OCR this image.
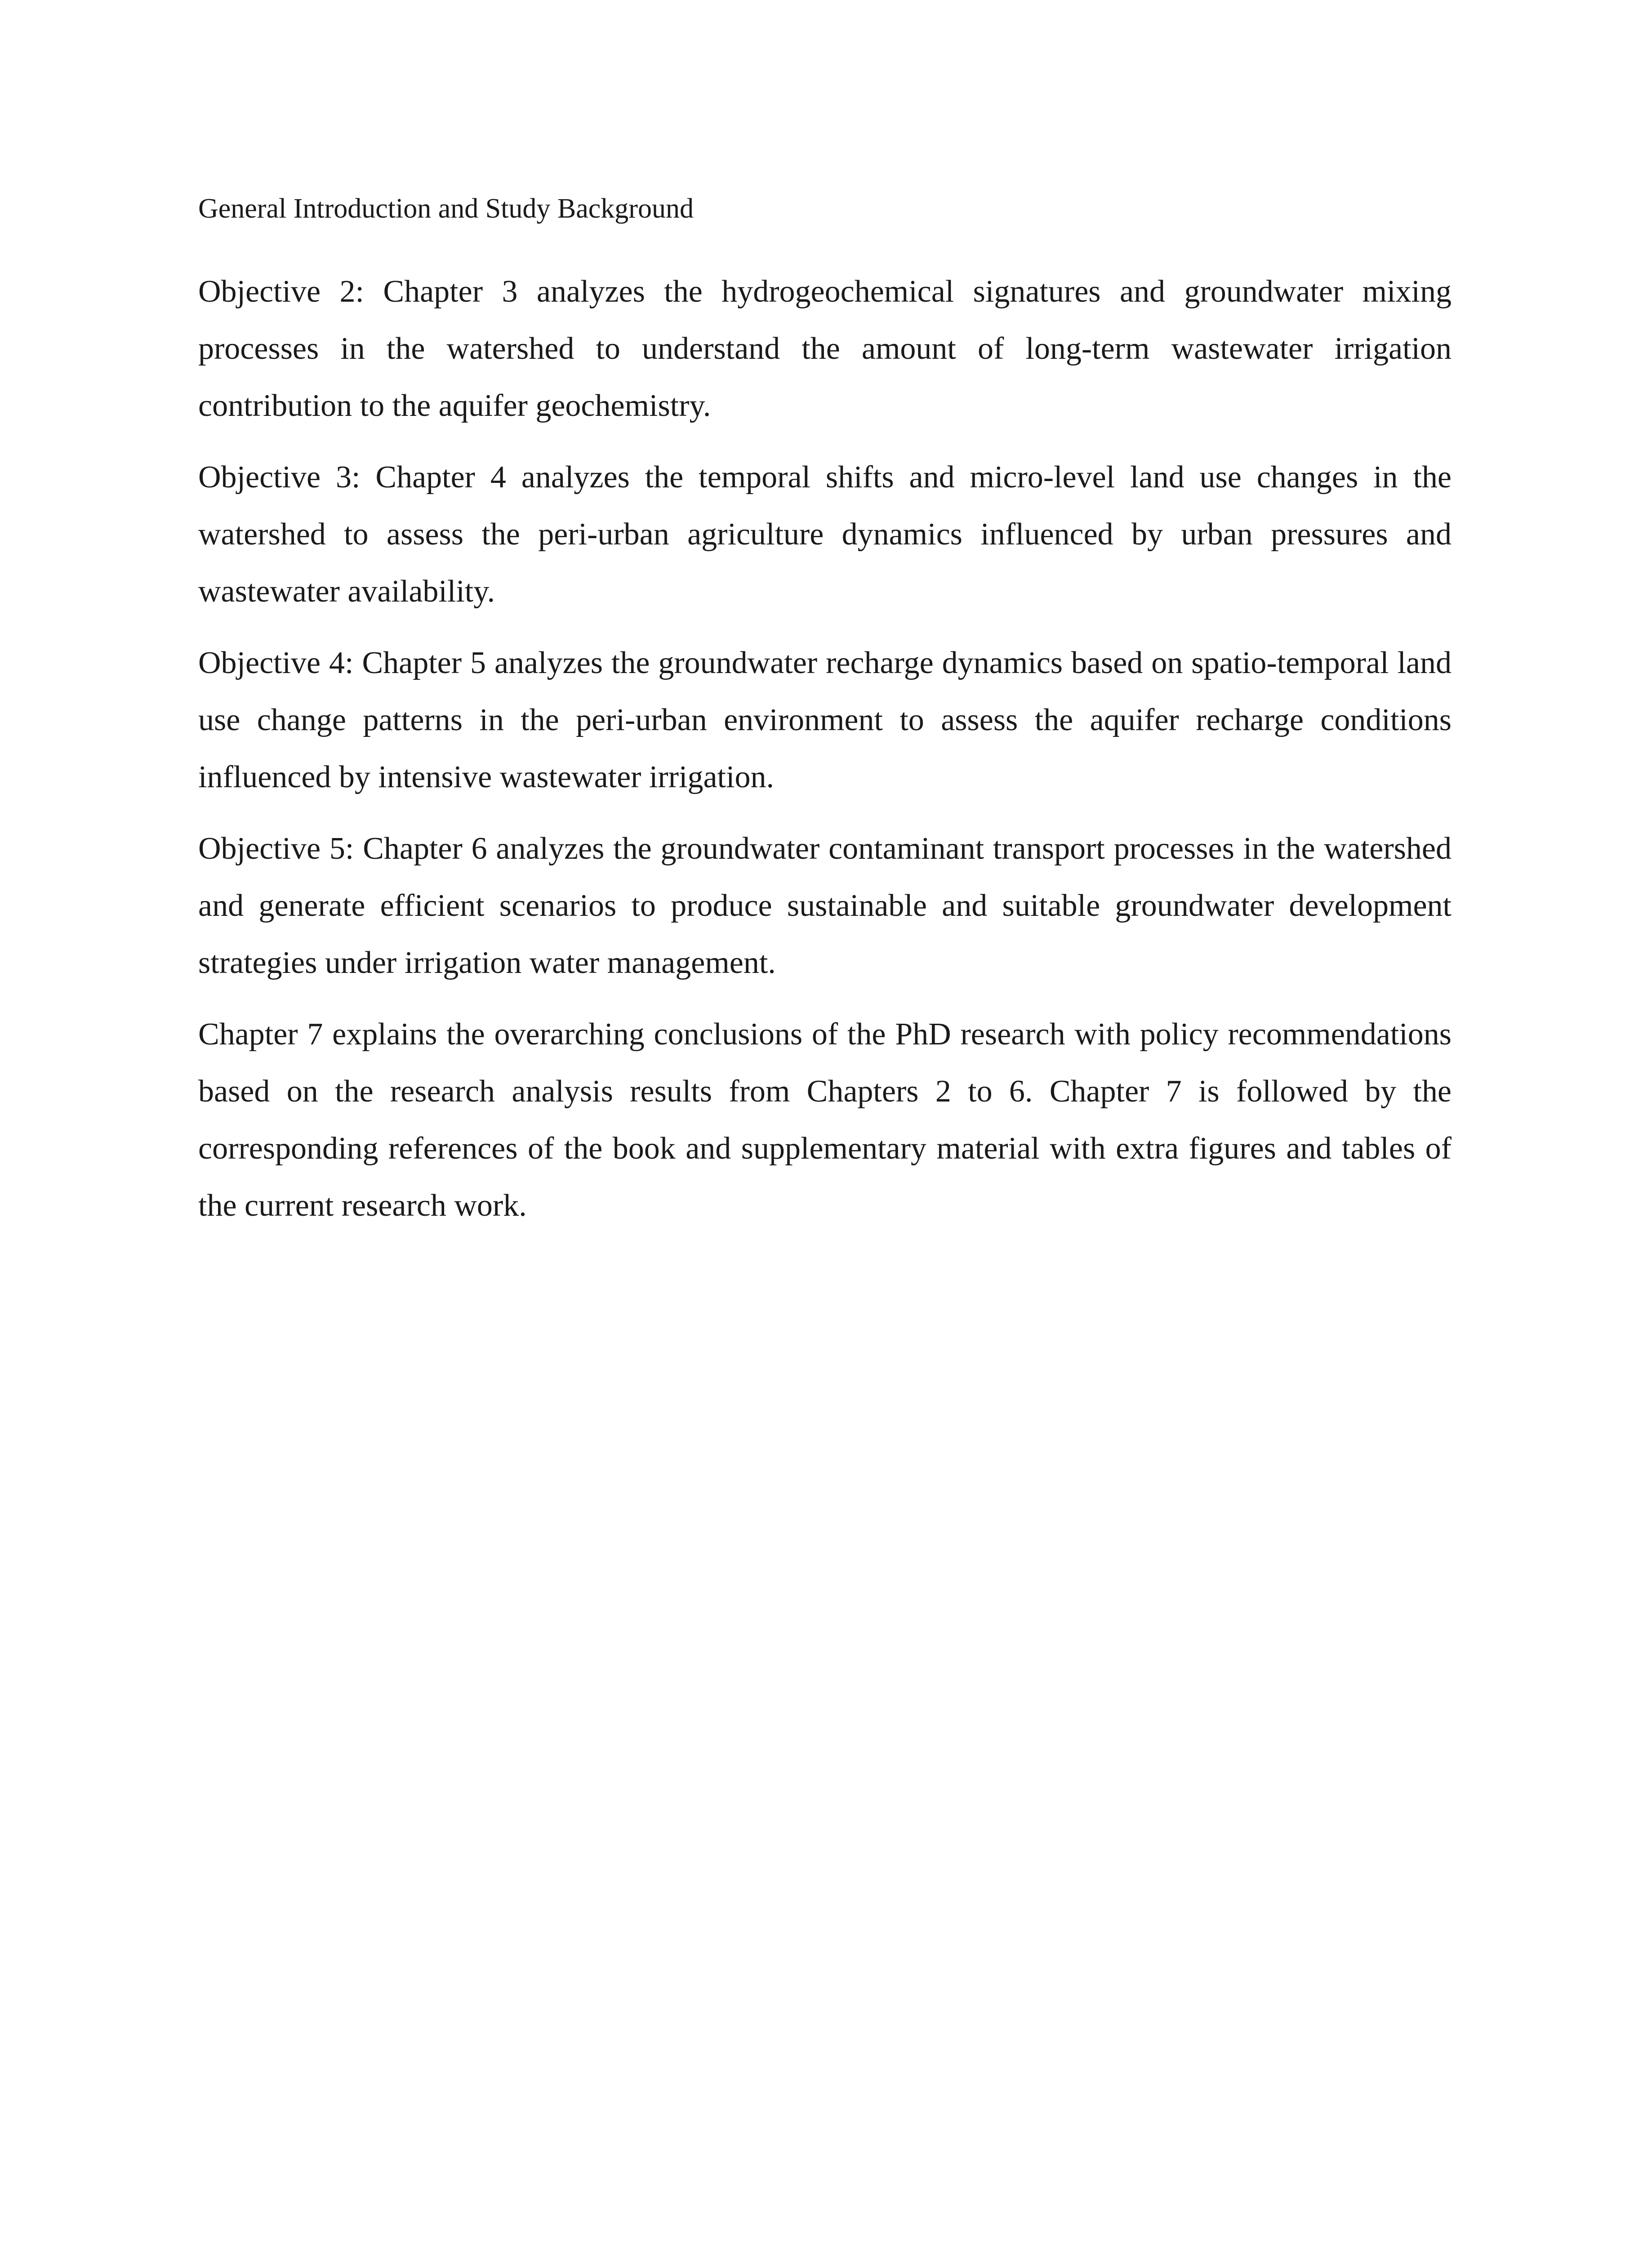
General Introduction and Study Background

Objective 2: Chapter 3 analyzes the hydrogeochemical signatures and groundwater mixing processes in the watershed to understand the amount of long-term wastewater irrigation contribution to the aquifer geochemistry.

Objective 3: Chapter 4 analyzes the temporal shifts and micro-level land use changes in the watershed to assess the peri-urban agriculture dynamics influenced by urban pressures and wastewater availability.

Objective 4: Chapter 5 analyzes the groundwater recharge dynamics based on spatio-temporal land use change patterns in the peri-urban environment to assess the aquifer recharge conditions influenced by intensive wastewater irrigation.

Objective 5: Chapter 6 analyzes the groundwater contaminant transport processes in the watershed and generate efficient scenarios to produce sustainable and suitable groundwater development strategies under irrigation water management.

Chapter 7 explains the overarching conclusions of the PhD research with policy recommendations based on the research analysis results from Chapters 2 to 6. Chapter 7 is followed by the corresponding references of the book and supplementary material with extra figures and tables of the current research work.
